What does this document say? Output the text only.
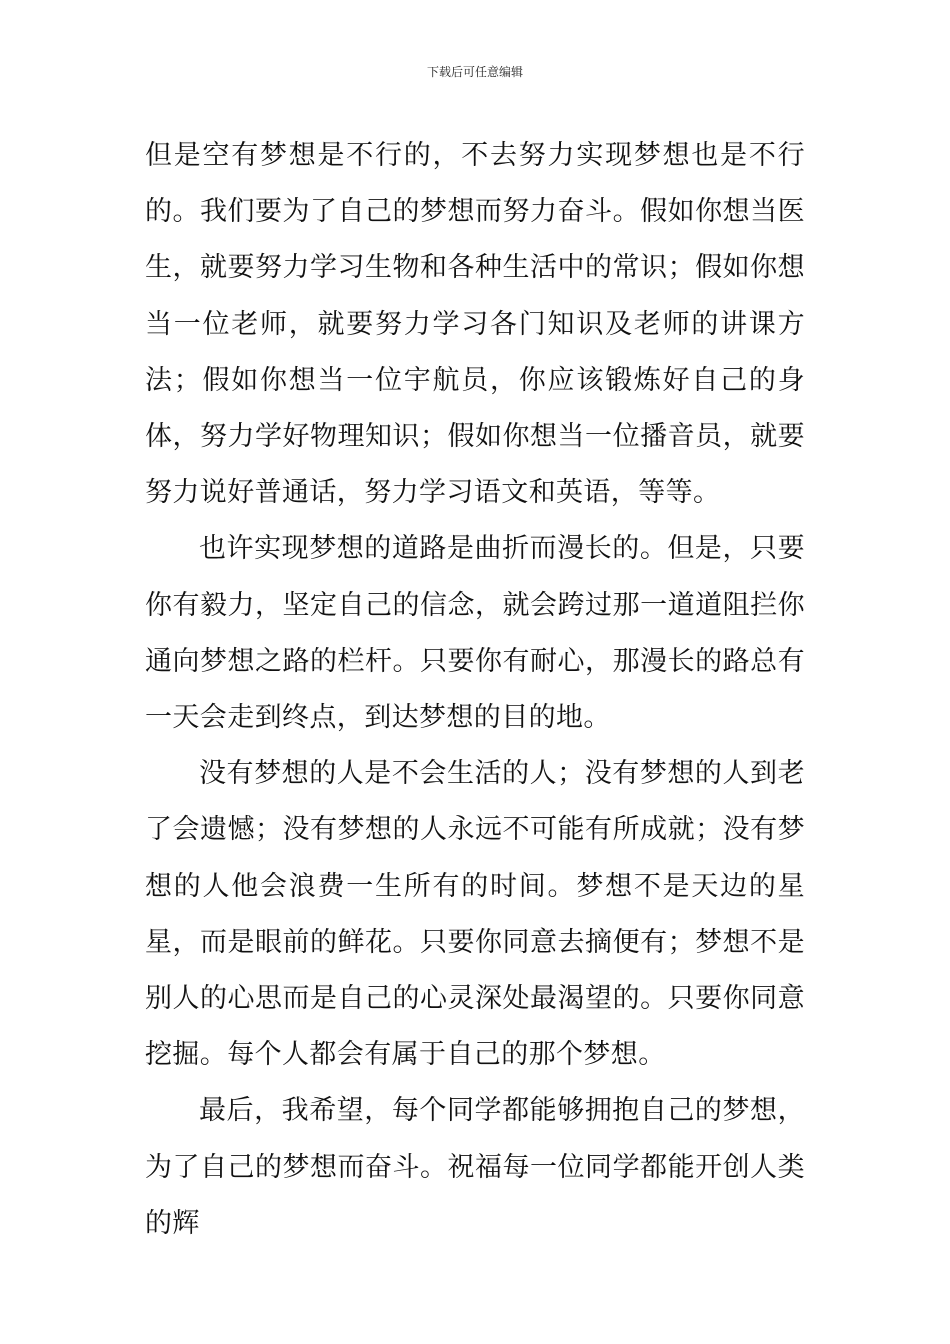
下载后可任意编辑

但是空有梦想是不行的，不去努力实现梦想也是不行的。我们要为了自己的梦想而努力奋斗。假如你想当医生，就要努力学习生物和各种生活中的常识；假如你想当一位老师，就要努力学习各门知识及老师的讲课方法；假如你想当一位宇航员，你应该锻炼好自己的身体，努力学好物理知识；假如你想当一位播音员，就要努力说好普通话，努力学习语文和英语，等等。

也许实现梦想的道路是曲折而漫长的。但是，只要你有毅力，坚定自己的信念，就会跨过那一道道阻拦你通向梦想之路的栏杆。只要你有耐心，那漫长的路总有一天会走到终点，到达梦想的目的地。

没有梦想的人是不会生活的人；没有梦想的人到老了会遗憾；没有梦想的人永远不可能有所成就；没有梦想的人他会浪费一生所有的时间。梦想不是天边的星星，而是眼前的鲜花。只要你同意去摘便有；梦想不是别人的心思而是自己的心灵深处最渴望的。只要你同意挖掘。每个人都会有属于自己的那个梦想。

最后，我希望，每个同学都能够拥抱自己的梦想，为了自己的梦想而奋斗。祝福每一位同学都能开创人类的辉
